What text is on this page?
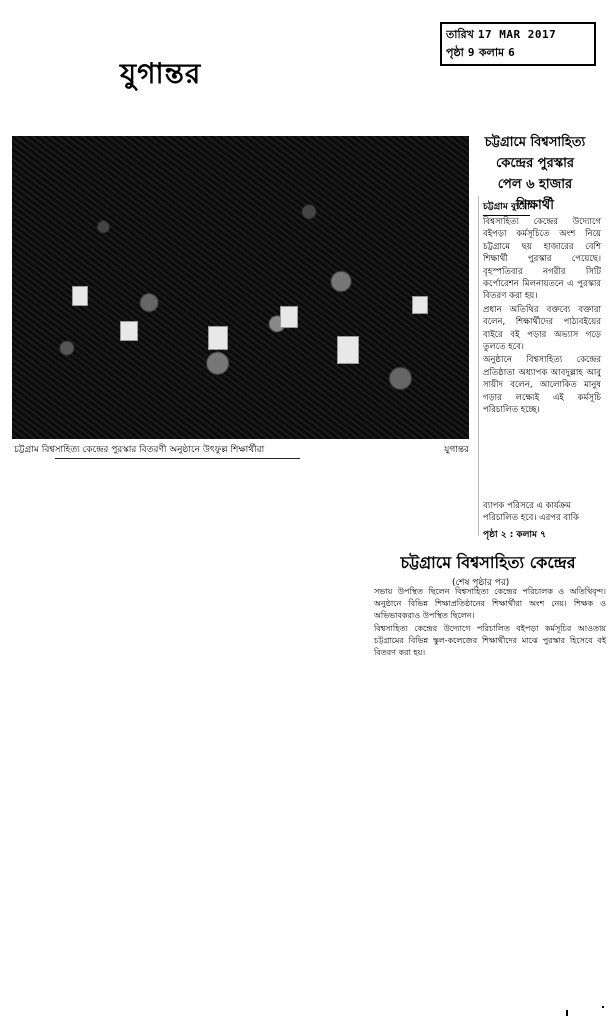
তারিখ 17 MAR 2017
পৃষ্ঠা 9 কলাম 6
যুগান্তর
চট্টগ্রাম বিশ্বসাহিত্য কেন্দ্রের পুরস্কার বিতরণী অনুষ্ঠানে উৎফুল্ল শিক্ষার্থীরা	যুগান্তর
চট্টগ্রামে বিশ্বসাহিত্য
কেন্দ্রের পুরস্কার
পেল ৬ হাজার
শিক্ষার্থী
চট্টগ্রাম ব্যুরো

বিশ্বসাহিত্য কেন্দ্রের উদ্যোগে বইপড়া কর্মসূচিতে অংশ নিয়ে চট্টগ্রামে ছয় হাজারের বেশি শিক্ষার্থী পুরস্কার পেয়েছে। বৃহস্পতিবার নগরীর সিটি কর্পোরেশন মিলনায়তনে এ পুরস্কার বিতরণ করা হয়।

প্রধান অতিথির বক্তব্যে বক্তারা বলেন, শিক্ষার্থীদের পাঠ্যবইয়ের বাইরে বই পড়ার অভ্যাস গড়ে তুলতে হবে।

অনুষ্ঠানে বিশ্বসাহিত্য কেন্দ্রের প্রতিষ্ঠাতা অধ্যাপক আবদুল্লাহ আবু সায়ীদ বলেন, আলোকিত মানুষ গড়ার লক্ষ্যেই এই কর্মসূচি পরিচালিত হচ্ছে।

ব্যাপক পরিসরে এ কার্যক্রম পরিচালিত হবে। এরপর বাকি
পৃষ্ঠা ২ : কলাম ৭
চট্টগ্রামে বিশ্বসাহিত্য কেন্দ্রের
(শেষ পৃষ্ঠার পর)

সভায় উপস্থিত ছিলেন বিশ্বসাহিত্য কেন্দ্রের পরিচালক ও অতিথিবৃন্দ। অনুষ্ঠানে বিভিন্ন শিক্ষাপ্রতিষ্ঠানের শিক্ষার্থীরা অংশ নেয়। শিক্ষক ও অভিভাবকরাও উপস্থিত ছিলেন।

বিশ্বসাহিত্য কেন্দ্রের উদ্যোগে পরিচালিত বইপড়া কর্মসূচির আওতায় চট্টগ্রামের বিভিন্ন স্কুল-কলেজের শিক্ষার্থীদের মাঝে পুরস্কার হিসেবে বই বিতরণ করা হয়।
